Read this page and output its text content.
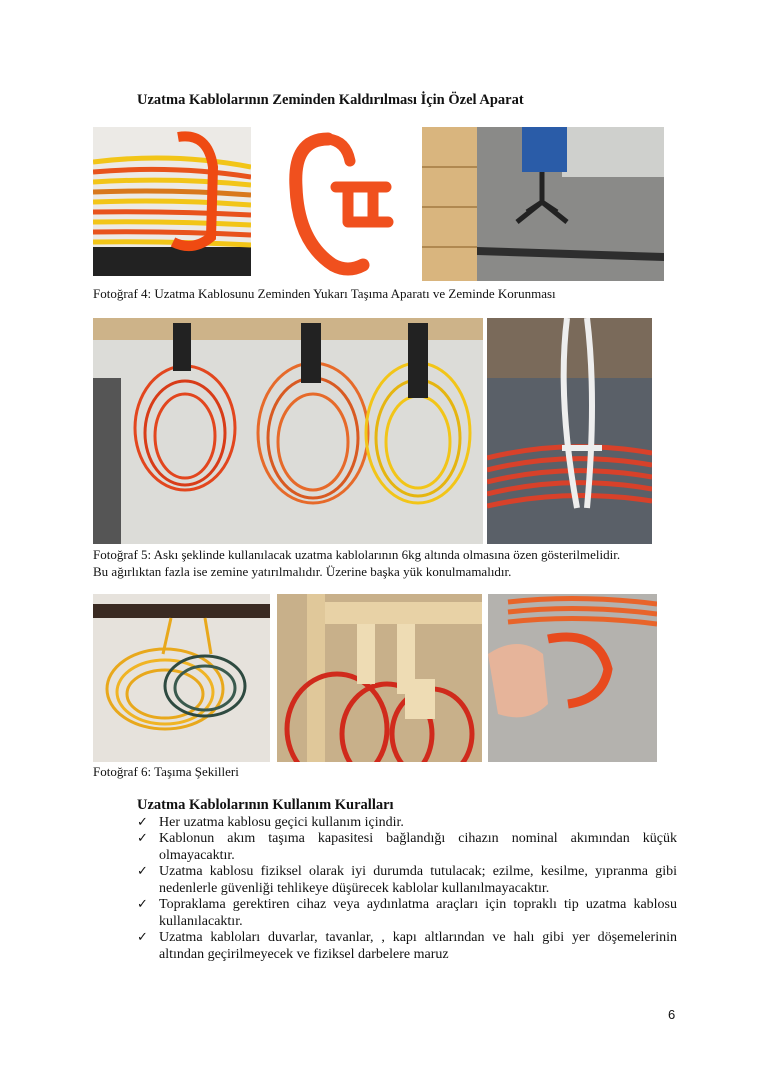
Uzatma Kablolarının Zeminden Kaldırılması İçin Özel Aparat
Fotoğraf 4: Uzatma Kablosunu Zeminden Yukarı Taşıma Aparatı ve Zeminde Korunması
Fotoğraf 5: Askı şeklinde kullanılacak uzatma kablolarının 6kg altında olmasına özen gösterilmelidir.
Bu ağırlıktan fazla ise zemine yatırılmalıdır. Üzerine başka yük konulmamalıdır.
Fotoğraf 6: Taşıma Şekilleri
Uzatma Kablolarının Kullanım Kuralları
✓ Her uzatma kablosu geçici kullanım içindir.
✓ Kablonun akım taşıma kapasitesi bağlandığı cihazın nominal akımından küçük olmayacaktır.
✓ Uzatma kablosu fiziksel olarak iyi durumda tutulacak; ezilme, kesilme, yıpranma gibi nedenlerle güvenliği tehlikeye düşürecek kablolar kullanılmayacaktır.
✓ Topraklama gerektiren cihaz veya aydınlatma araçları için topraklı tip uzatma kablosu kullanılacaktır.
✓ Uzatma kabloları duvarlar, tavanlar, , kapı altlarından ve halı gibi yer döşemelerinin altından geçirilmeyecek ve fiziksel darbelere maruz
6
